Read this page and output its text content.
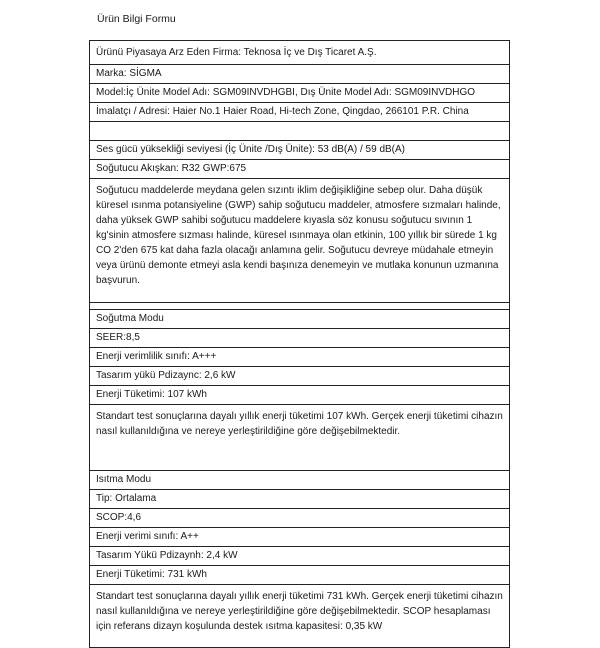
Ürün Bilgi Formu
Ürünü Piyasaya Arz Eden Firma: Teknosa İç ve Dış Ticaret A.Ş.
Marka: SİGMA
Model:İç Ünite Model Adı: SGM09INVDHGBI, Dış Ünite Model Adı: SGM09INVDHGO
İmalatçı / Adresi: Haier No.1 Haier Road, Hi-tech Zone, Qingdao, 266101 P.R. China
Ses gücü yüksekliği seviyesi (İç Ünite /Dış Ünite): 53 dB(A) / 59 dB(A)
Soğutucu Akışkan: R32 GWP:675
Soğutucu maddelerde meydana gelen sızıntı iklim değişikliğine sebep olur. Daha düşük küresel ısınma potansiyeline (GWP) sahip soğutucu maddeler, atmosfere sızmaları halinde, daha yüksek GWP sahibi soğutucu maddelere kıyasla söz konusu soğutucu sıvının 1 kg'sinin atmosfere sızması halinde, küresel ısınmaya olan etkinin, 100 yıllık bir sürede 1 kg CO 2'den 675 kat daha fazla olacağı anlamına gelir. Soğutucu devreye müdahale etmeyin veya ürünü demonte etmeyi asla kendi başınıza denemeyin ve mutlaka konunun uzmanına başvurun.
Soğutma Modu
SEER:8,5
Enerji verimlilik sınıfı: A+++
Tasarım yükü Pdizaync: 2,6 kW
Enerji Tüketimi: 107 kWh
Standart test sonuçlarına dayalı yıllık enerji tüketimi 107 kWh. Gerçek enerji tüketimi cihazın nasıl kullanıldığına ve nereye yerleştirildiğine göre değişebilmektedir.
Isıtma Modu
Tip: Ortalama
SCOP:4,6
Enerji verimi sınıfı: A++
Tasarım Yükü Pdizaynh: 2,4 kW
Enerji Tüketimi: 731 kWh
Standart test sonuçlarına dayalı yıllık enerji tüketimi 731 kWh. Gerçek enerji tüketimi cihazın nasıl kullanıldığına ve nereye yerleştirildiğine göre değişebilmektedir. SCOP hesaplaması için referans dizayn koşulunda destek ısıtma kapasitesi: 0,35 kW
